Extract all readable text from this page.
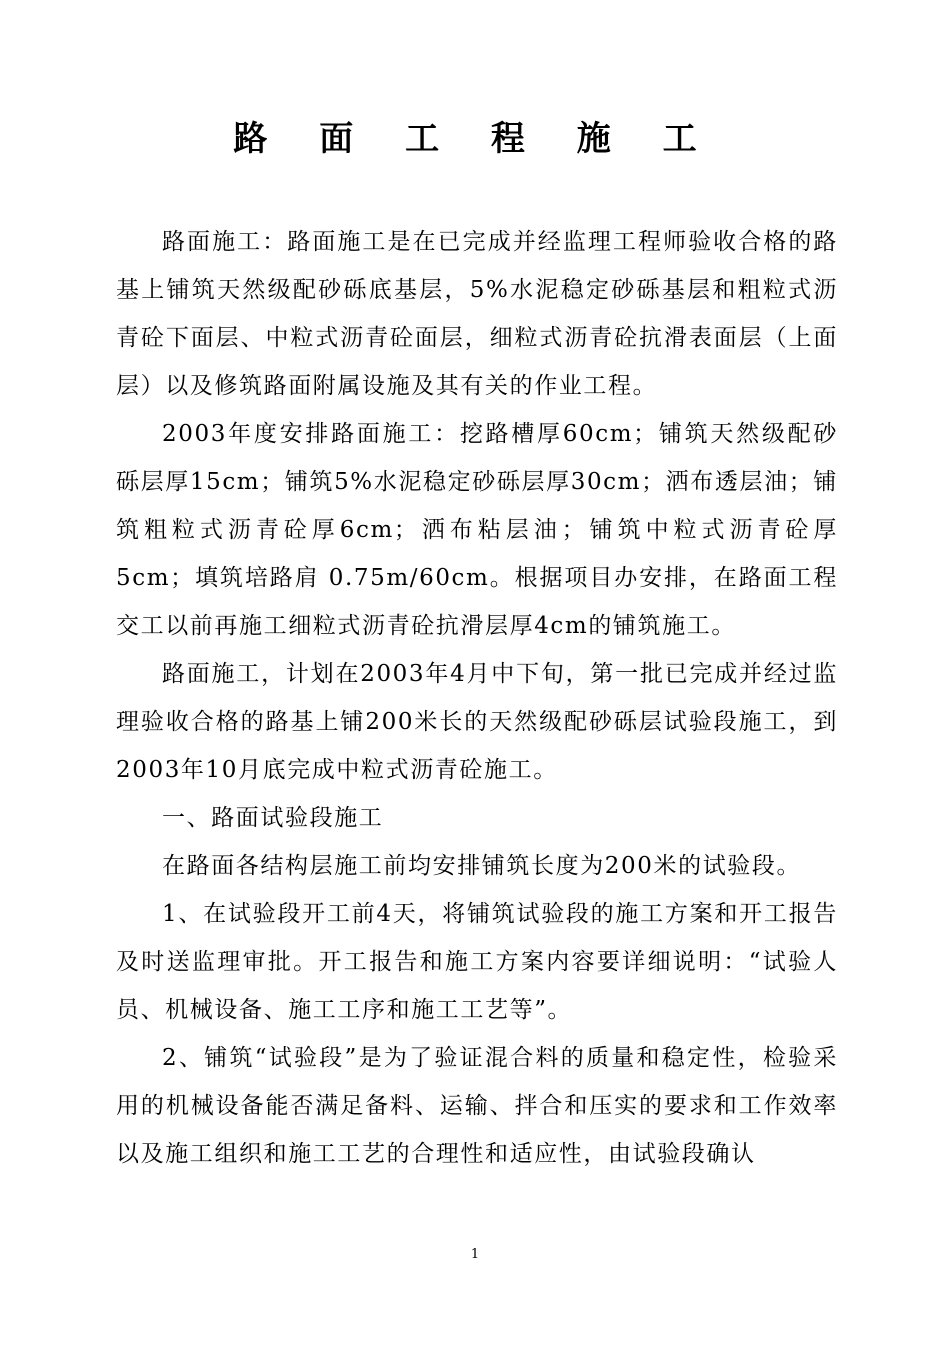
路 面 工 程 施 工

路面施工：路面施工是在已完成并经监理工程师验收合格的路基上铺筑天然级配砂砾底基层，5%水泥稳定砂砾基层和粗粒式沥青砼下面层、中粒式沥青砼面层，细粒式沥青砼抗滑表面层（上面层）以及修筑路面附属设施及其有关的作业工程。

2003年度安排路面施工：挖路槽厚60cm；铺筑天然级配砂砾层厚15cm；铺筑5%水泥稳定砂砾层厚30cm；洒布透层油；铺筑粗粒式沥青砼厚6cm；洒布粘层油；铺筑中粒式沥青砼厚5cm；填筑培路肩 0.75m/60cm。根据项目办安排，在路面工程交工以前再施工细粒式沥青砼抗滑层厚4cm的铺筑施工。

路面施工，计划在2003年4月中下旬，第一批已完成并经过监理验收合格的路基上铺200米长的天然级配砂砾层试验段施工，到2003年10月底完成中粒式沥青砼施工。

一、路面试验段施工

在路面各结构层施工前均安排铺筑长度为200米的试验段。

1、在试验段开工前4天，将铺筑试验段的施工方案和开工报告及时送监理审批。开工报告和施工方案内容要详细说明：“试验人员、机械设备、施工工序和施工工艺等”。

2、铺筑“试验段”是为了验证混合料的质量和稳定性，检验采用的机械设备能否满足备料、运输、拌合和压实的要求和工作效率以及施工组织和施工工艺的合理性和适应性，由试验段确认

1
